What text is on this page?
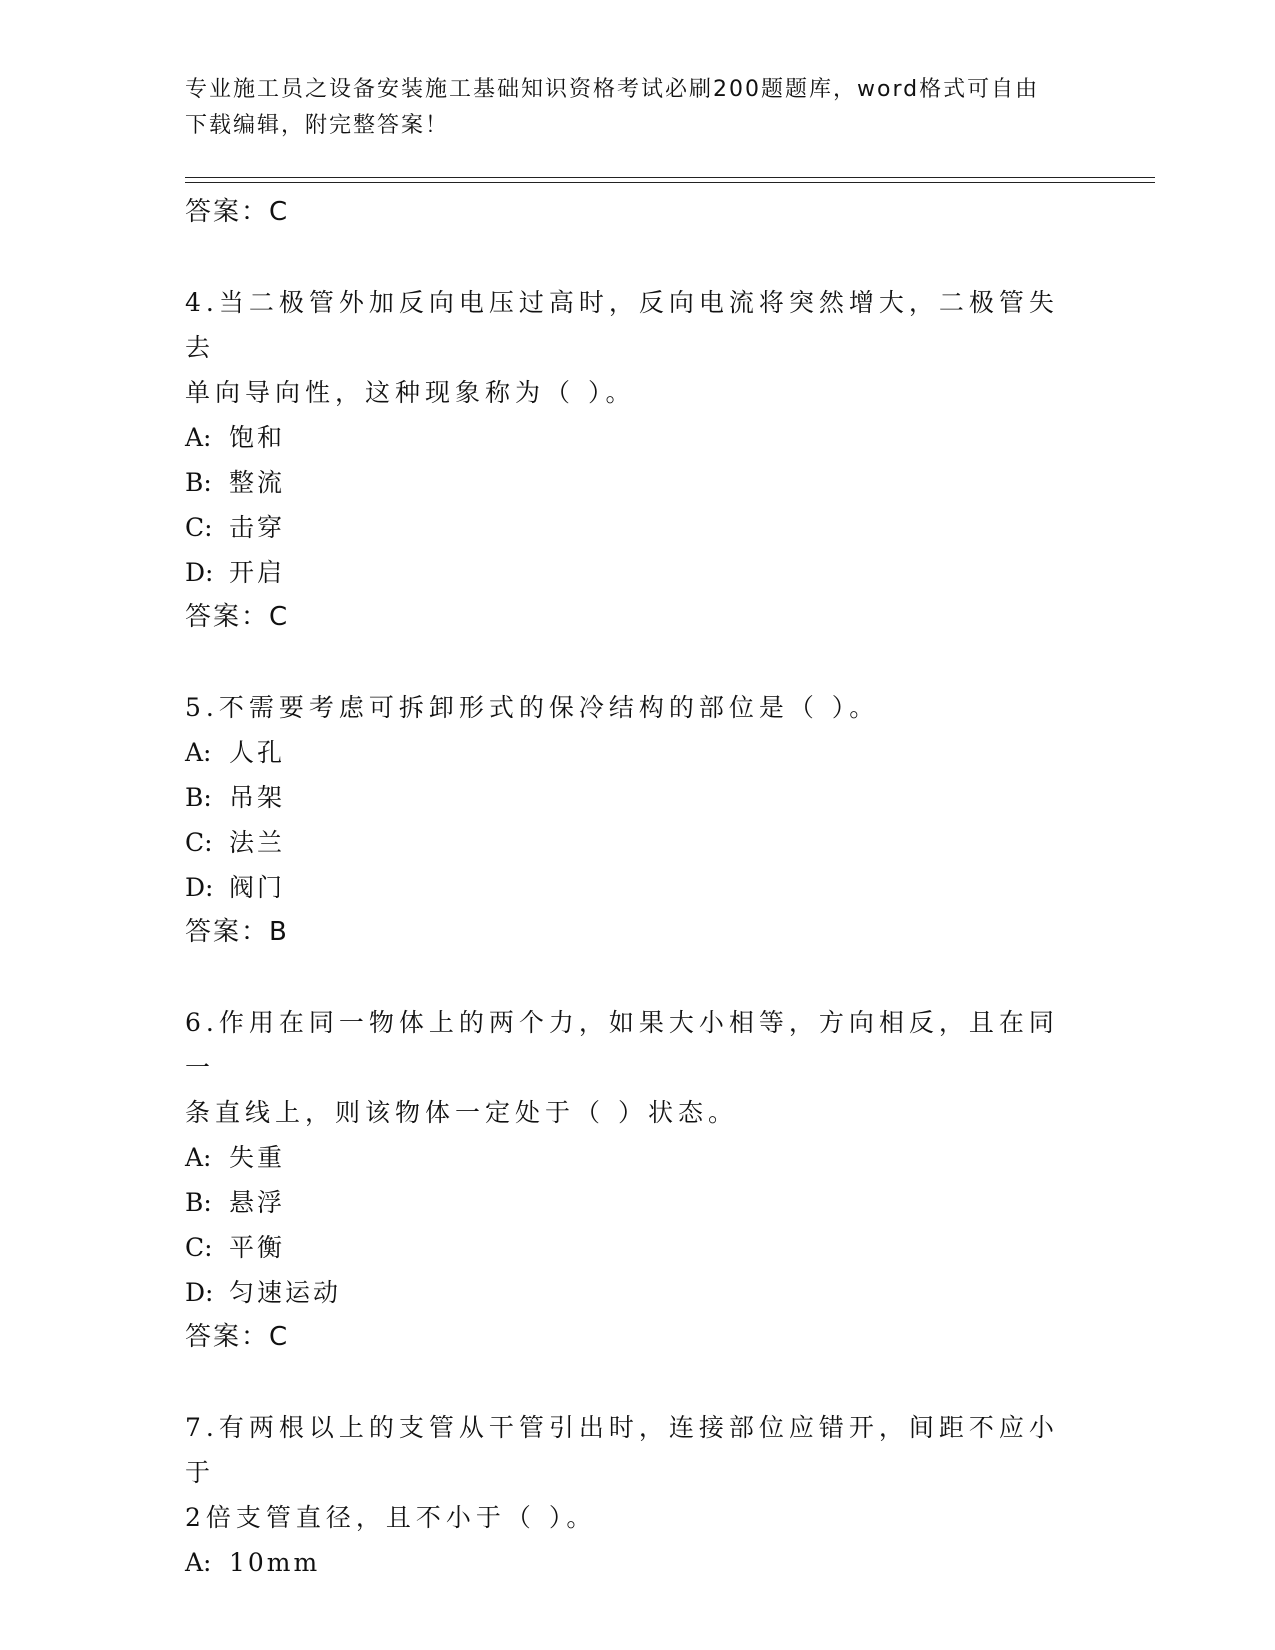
专业施工员之设备安装施工基础知识资格考试必刷200题题库，word格式可自由
下载编辑，附完整答案！
答案：C
4.当二极管外加反向电压过高时，反向电流将突然增大，二极管失去
单向导向性，这种现象称为（ ）。
A: 饱和
B: 整流
C: 击穿
D: 开启
答案：C
5.不需要考虑可拆卸形式的保冷结构的部位是（ ）。
A: 人孔
B: 吊架
C: 法兰
D: 阀门
答案：B
6.作用在同一物体上的两个力，如果大小相等，方向相反，且在同一
条直线上，则该物体一定处于（ ）状态。
A: 失重
B: 悬浮
C: 平衡
D: 匀速运动
答案：C
7.有两根以上的支管从干管引出时，连接部位应错开，间距不应小于
2倍支管直径，且不小于（ ）。
A: 10mm
